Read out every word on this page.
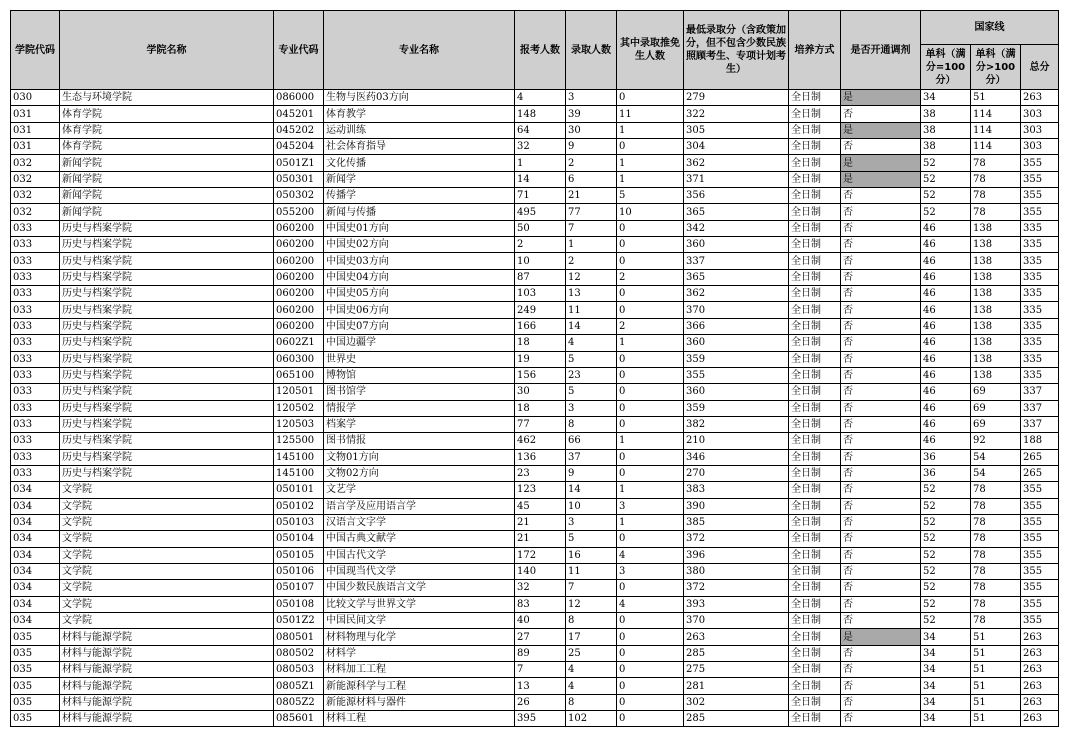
学院代码	学院名称	专业代码	专业名称	报考人数	录取人数	其中录取推免生人数	最低录取分（含政策加分，但不包含少数民族照顾考生、专项计划考生）	培养方式	是否开通调剂	国家线		
										单科（满分=100分）	单科（满分>100分）	总分
030	生态与环境学院	086000	生物与医药03方向	4	3	0	279	全日制	是	34	51	263
031	体育学院	045201	体育教学	148	39	11	322	全日制	否	38	114	303
031	体育学院	045202	运动训练	64	30	1	305	全日制	是	38	114	303
031	体育学院	045204	社会体育指导	32	9	0	304	全日制	否	38	114	303
032	新闻学院	0501Z1	文化传播	1	2	1	362	全日制	是	52	78	355
032	新闻学院	050301	新闻学	14	6	1	371	全日制	是	52	78	355
032	新闻学院	050302	传播学	71	21	5	356	全日制	否	52	78	355
032	新闻学院	055200	新闻与传播	495	77	10	365	全日制	否	52	78	355
033	历史与档案学院	060200	中国史01方向	50	7	0	342	全日制	否	46	138	335
033	历史与档案学院	060200	中国史02方向	2	1	0	360	全日制	否	46	138	335
033	历史与档案学院	060200	中国史03方向	10	2	0	337	全日制	否	46	138	335
033	历史与档案学院	060200	中国史04方向	87	12	2	365	全日制	否	46	138	335
033	历史与档案学院	060200	中国史05方向	103	13	0	362	全日制	否	46	138	335
033	历史与档案学院	060200	中国史06方向	249	11	0	370	全日制	否	46	138	335
033	历史与档案学院	060200	中国史07方向	166	14	2	366	全日制	否	46	138	335
033	历史与档案学院	0602Z1	中国边疆学	18	4	1	360	全日制	否	46	138	335
033	历史与档案学院	060300	世界史	19	5	0	359	全日制	否	46	138	335
033	历史与档案学院	065100	博物馆	156	23	0	355	全日制	否	46	138	335
033	历史与档案学院	120501	图书馆学	30	5	0	360	全日制	否	46	69	337
033	历史与档案学院	120502	情报学	18	3	0	359	全日制	否	46	69	337
033	历史与档案学院	120503	档案学	77	8	0	382	全日制	否	46	69	337
033	历史与档案学院	125500	图书情报	462	66	1	210	全日制	否	46	92	188
033	历史与档案学院	145100	文物01方向	136	37	0	346	全日制	否	36	54	265
033	历史与档案学院	145100	文物02方向	23	9	0	270	全日制	否	36	54	265
034	文学院	050101	文艺学	123	14	1	383	全日制	否	52	78	355
034	文学院	050102	语言学及应用语言学	45	10	3	390	全日制	否	52	78	355
034	文学院	050103	汉语言文字学	21	3	1	385	全日制	否	52	78	355
034	文学院	050104	中国古典文献学	21	5	0	372	全日制	否	52	78	355
034	文学院	050105	中国古代文学	172	16	4	396	全日制	否	52	78	355
034	文学院	050106	中国现当代文学	140	11	3	380	全日制	否	52	78	355
034	文学院	050107	中国少数民族语言文学	32	7	0	372	全日制	否	52	78	355
034	文学院	050108	比较文学与世界文学	83	12	4	393	全日制	否	52	78	355
034	文学院	0501Z2	中国民间文学	40	8	0	370	全日制	否	52	78	355
035	材料与能源学院	080501	材料物理与化学	27	17	0	263	全日制	是	34	51	263
035	材料与能源学院	080502	材料学	89	25	0	285	全日制	否	34	51	263
035	材料与能源学院	080503	材料加工工程	7	4	0	275	全日制	否	34	51	263
035	材料与能源学院	0805Z1	新能源科学与工程	13	4	0	281	全日制	否	34	51	263
035	材料与能源学院	0805Z2	新能源材料与器件	26	8	0	302	全日制	否	34	51	263
035	材料与能源学院	085601	材料工程	395	102	0	285	全日制	否	34	51	263
